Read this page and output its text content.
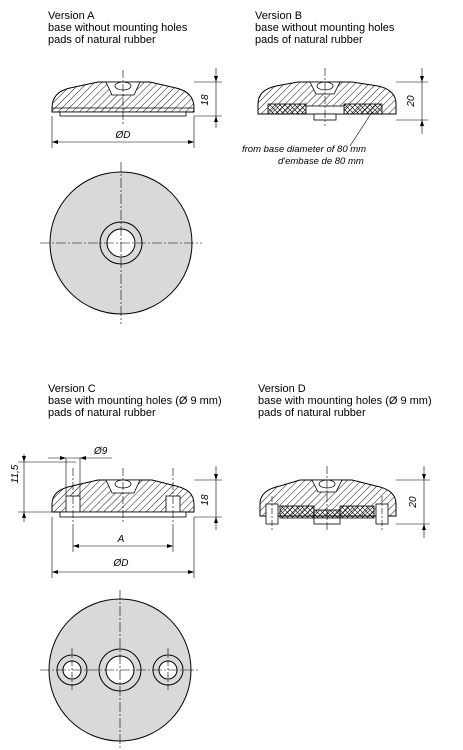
Version A
base without mounting holes
pads of natural rubber
Version B
base without mounting holes
pads of natural rubber
Version C
base with mounting holes (Ø 9 mm)
pads of natural rubber
Version D
base with mounting holes (Ø 9 mm)
pads of natural rubber
from base diameter of 80 mm
d'embase de 80 mm
18
ØD
20
11,5
Ø9
18
A
ØD
20
